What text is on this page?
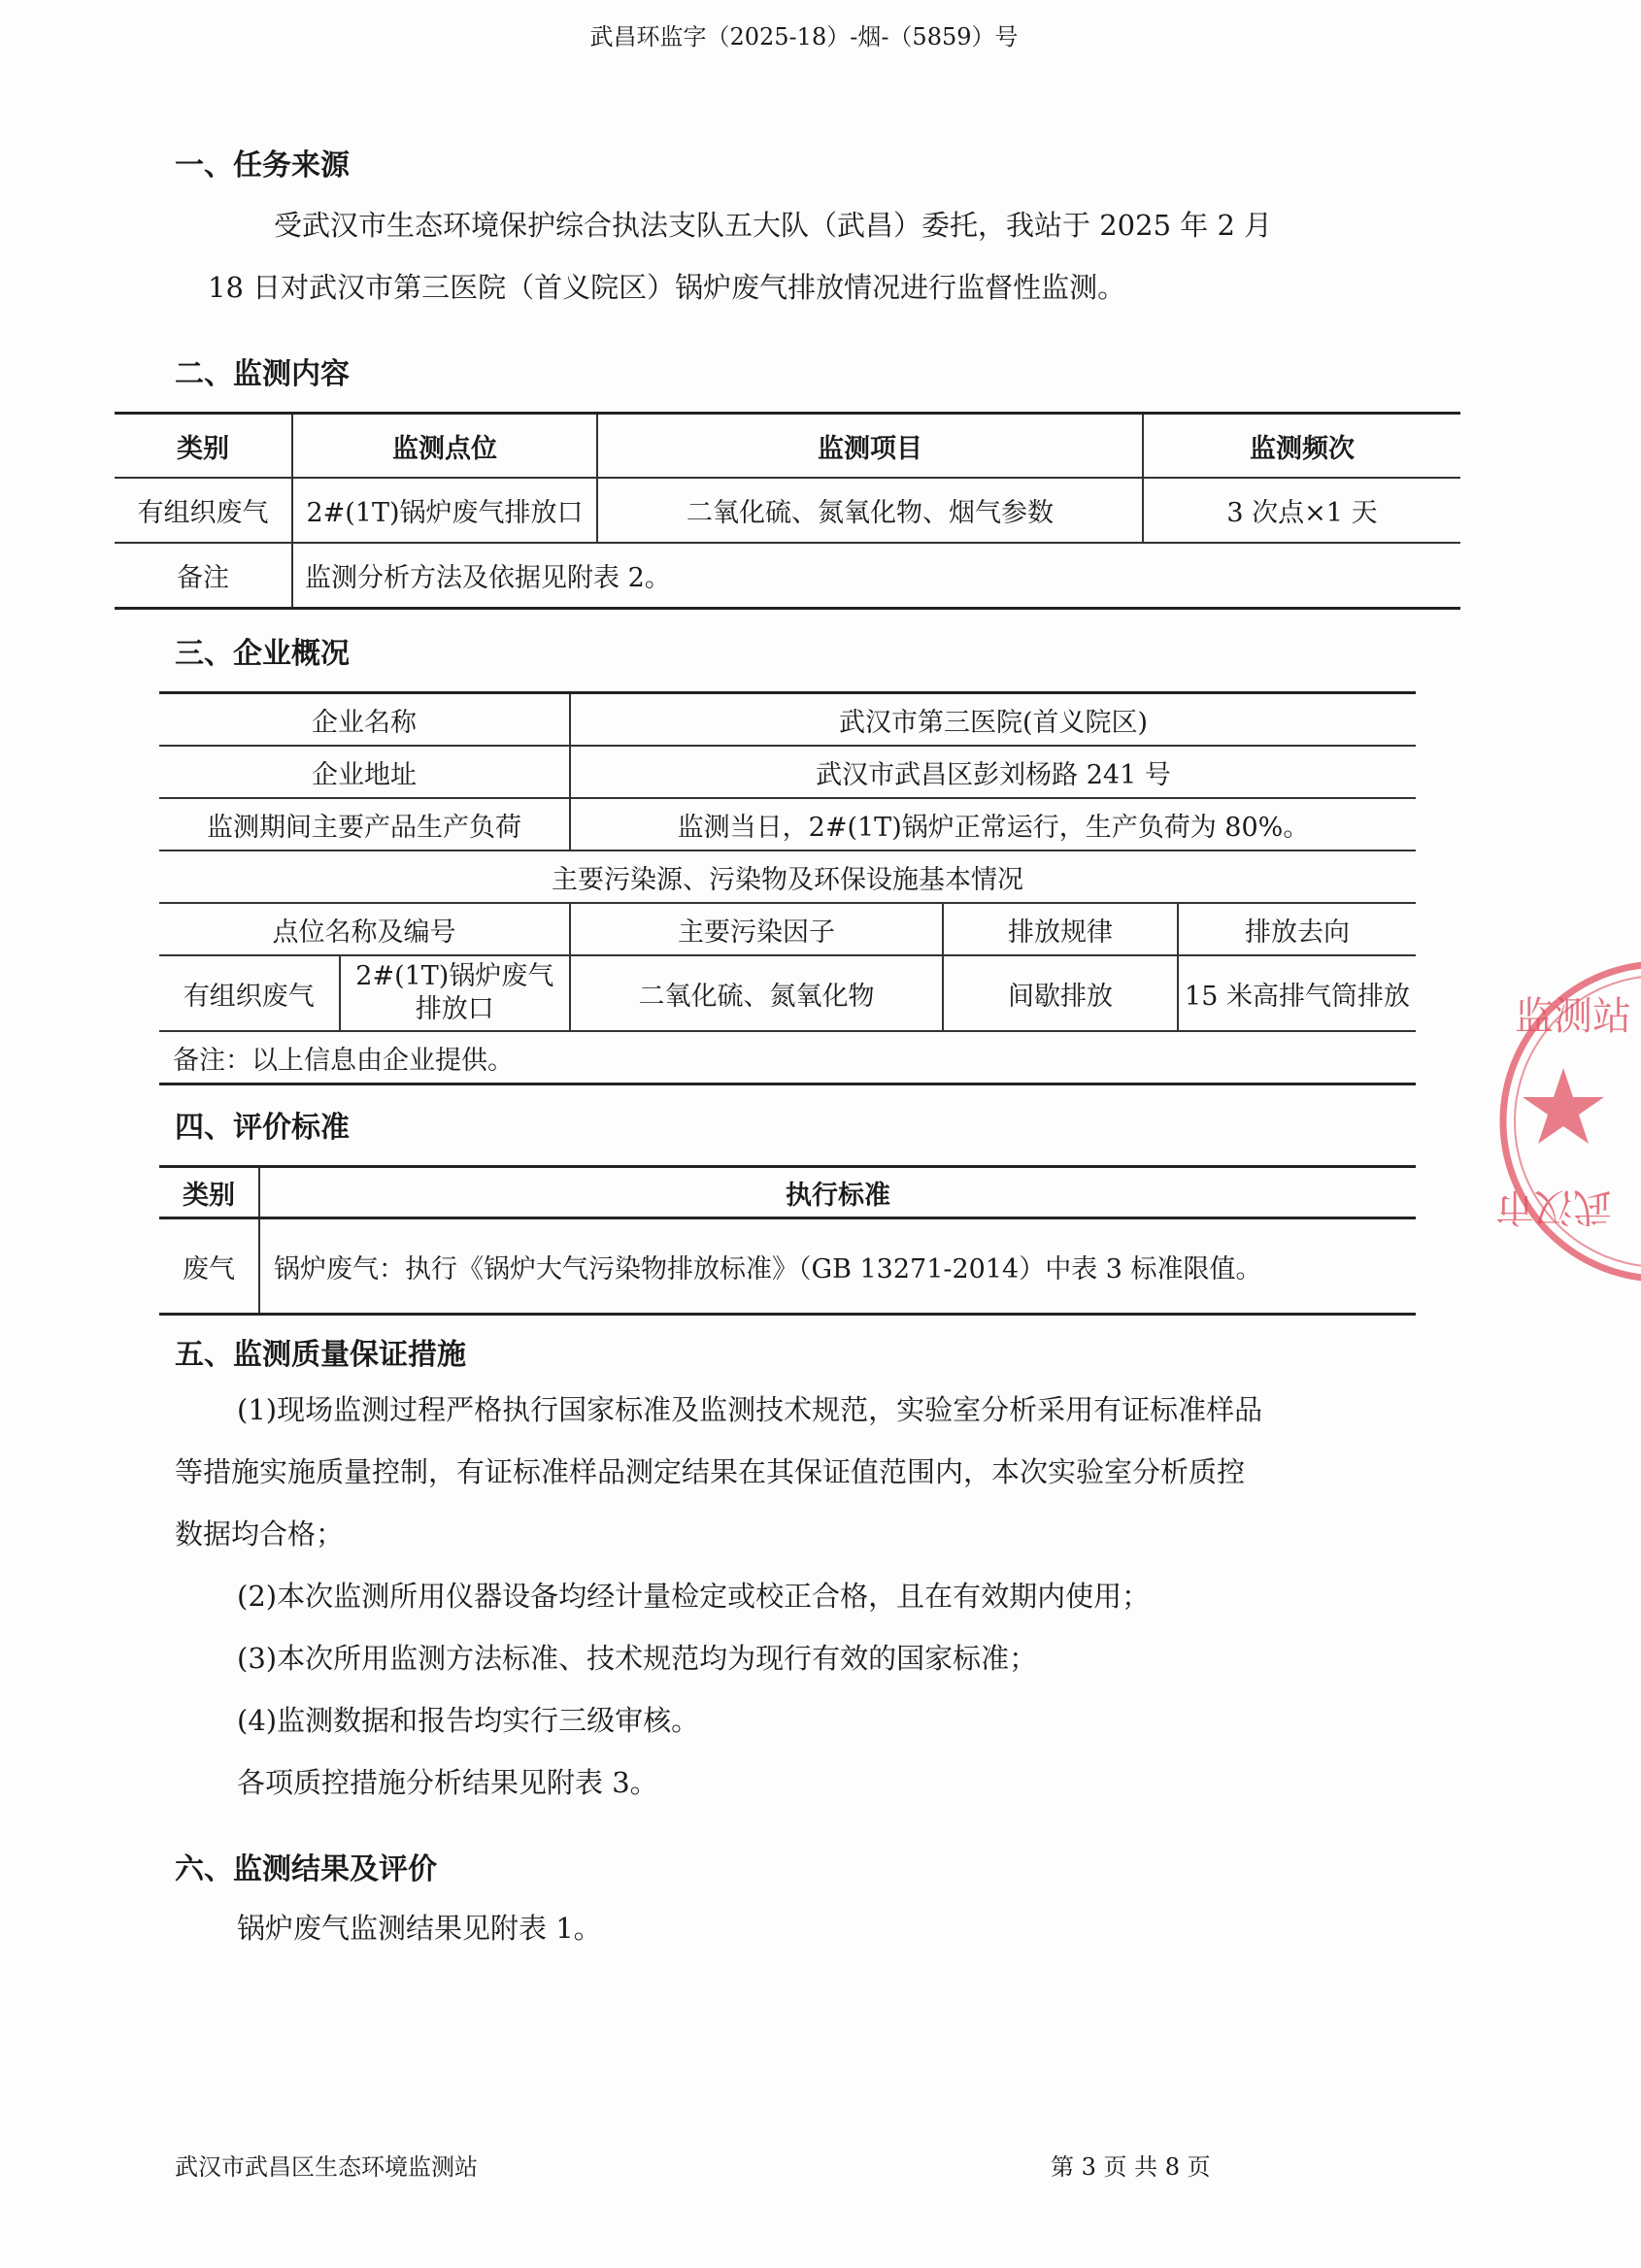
武昌环监字（2025-18）-烟-（5859）号
一、任务来源
受武汉市生态环境保护综合执法支队五大队（武昌）委托，我站于 2025 年 2 月
18 日对武汉市第三医院（首义院区）锅炉废气排放情况进行监督性监测。
二、监测内容
类别	监测点位	监测项目	监测频次
有组织废气	2#(1T)锅炉废气排放口	二氧化硫、氮氧化物、烟气参数	3 次点×1 天
备注	监测分析方法及依据见附表 2。		
三、企业概况
企业名称		武汉市第三医院(首义院区)		
企业地址		武汉市武昌区彭刘杨路 241 号		
监测期间主要产品生产负荷		监测当日，2#(1T)锅炉正常运行，生产负荷为 80%。		
主要污染源、污染物及环保设施基本情况				
点位名称及编号		主要污染因子	排放规律	排放去向
有组织废气	2#(1T)锅炉废气排放口	二氧化硫、氮氧化物	间歇排放	15 米高排气筒排放
备注：以上信息由企业提供。				
四、评价标准
类别	执行标准
废气	锅炉废气：执行《锅炉大气污染物排放标准》（GB 13271-2014）中表 3 标准限值。
五、监测质量保证措施
(1)现场监测过程严格执行国家标准及监测技术规范，实验室分析采用有证标准样品
等措施实施质量控制，有证标准样品测定结果在其保证值范围内，本次实验室分析质控
数据均合格；
(2)本次监测所用仪器设备均经计量检定或校正合格，且在有效期内使用；
(3)本次所用监测方法标准、技术规范均为现行有效的国家标准；
(4)监测数据和报告均实行三级审核。
各项质控措施分析结果见附表 3。
六、监测结果及评价
锅炉废气监测结果见附表 1。
武汉市武昌区生态环境监测站	第 3 页 共 8 页
监测站
武汉市
